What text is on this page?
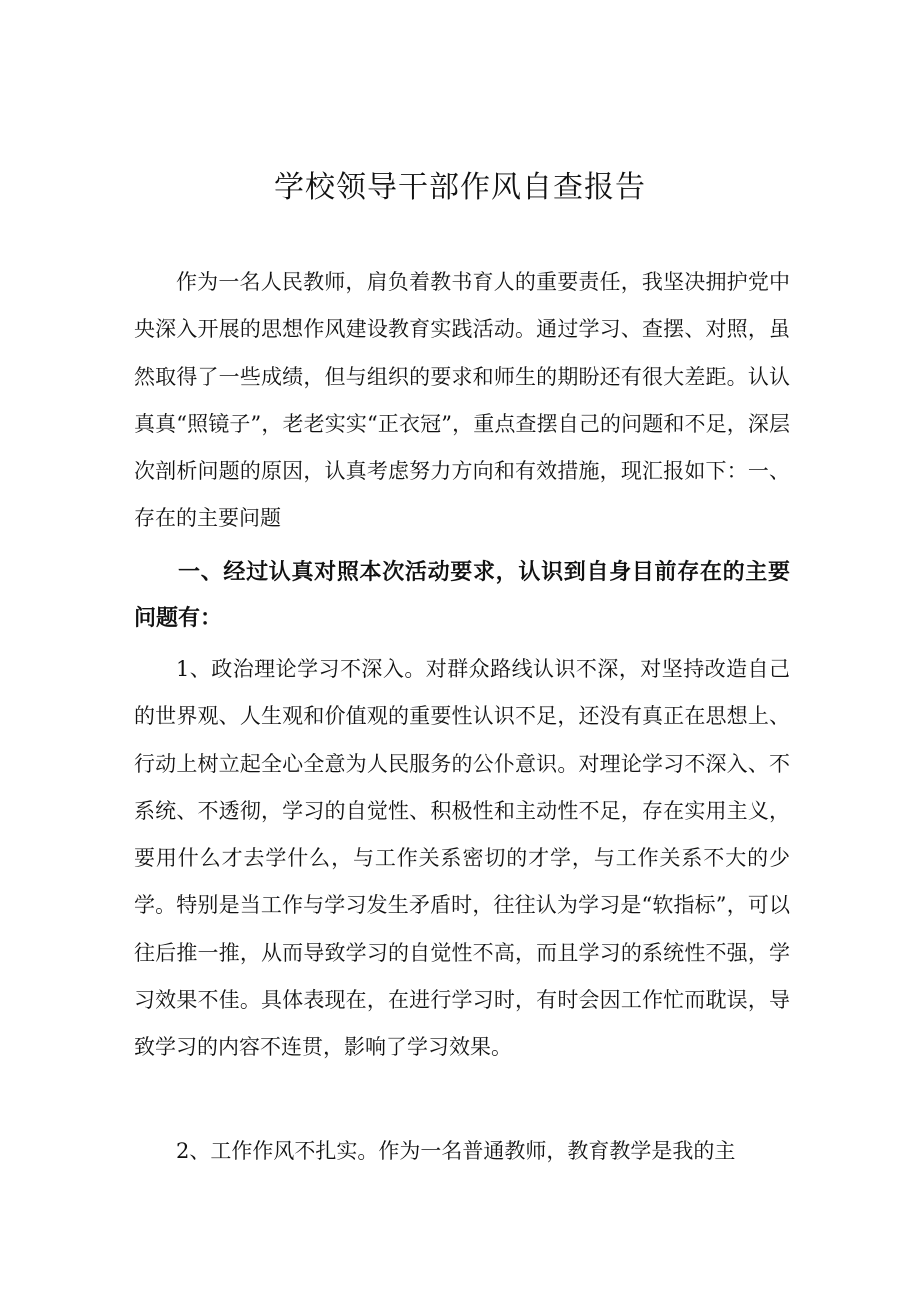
学校领导干部作风自查报告

作为一名人民教师，肩负着教书育人的重要责任，我坚决拥护党中央深入开展的思想作风建设教育实践活动。通过学习、查摆、对照，虽然取得了一些成绩，但与组织的要求和师生的期盼还有很大差距。认认真真“照镜子”，老老实实“正衣冠”，重点查摆自己的问题和不足，深层次剖析问题的原因，认真考虑努力方向和有效措施，现汇报如下：一、存在的主要问题

一、经过认真对照本次活动要求，认识到自身目前存在的主要问题有：

1、政治理论学习不深入。对群众路线认识不深，对坚持改造自己的世界观、人生观和价值观的重要性认识不足，还没有真正在思想上、行动上树立起全心全意为人民服务的公仆意识。对理论学习不深入、不系统、不透彻，学习的自觉性、积极性和主动性不足，存在实用主义，要用什么才去学什么，与工作关系密切的才学，与工作关系不大的少学。特别是当工作与学习发生矛盾时，往往认为学习是“软指标”，可以往后推一推，从而导致学习的自觉性不高，而且学习的系统性不强，学习效果不佳。具体表现在，在进行学习时，有时会因工作忙而耽误，导致学习的内容不连贯，影响了学习效果。

2、工作作风不扎实。作为一名普通教师，教育教学是我的主
